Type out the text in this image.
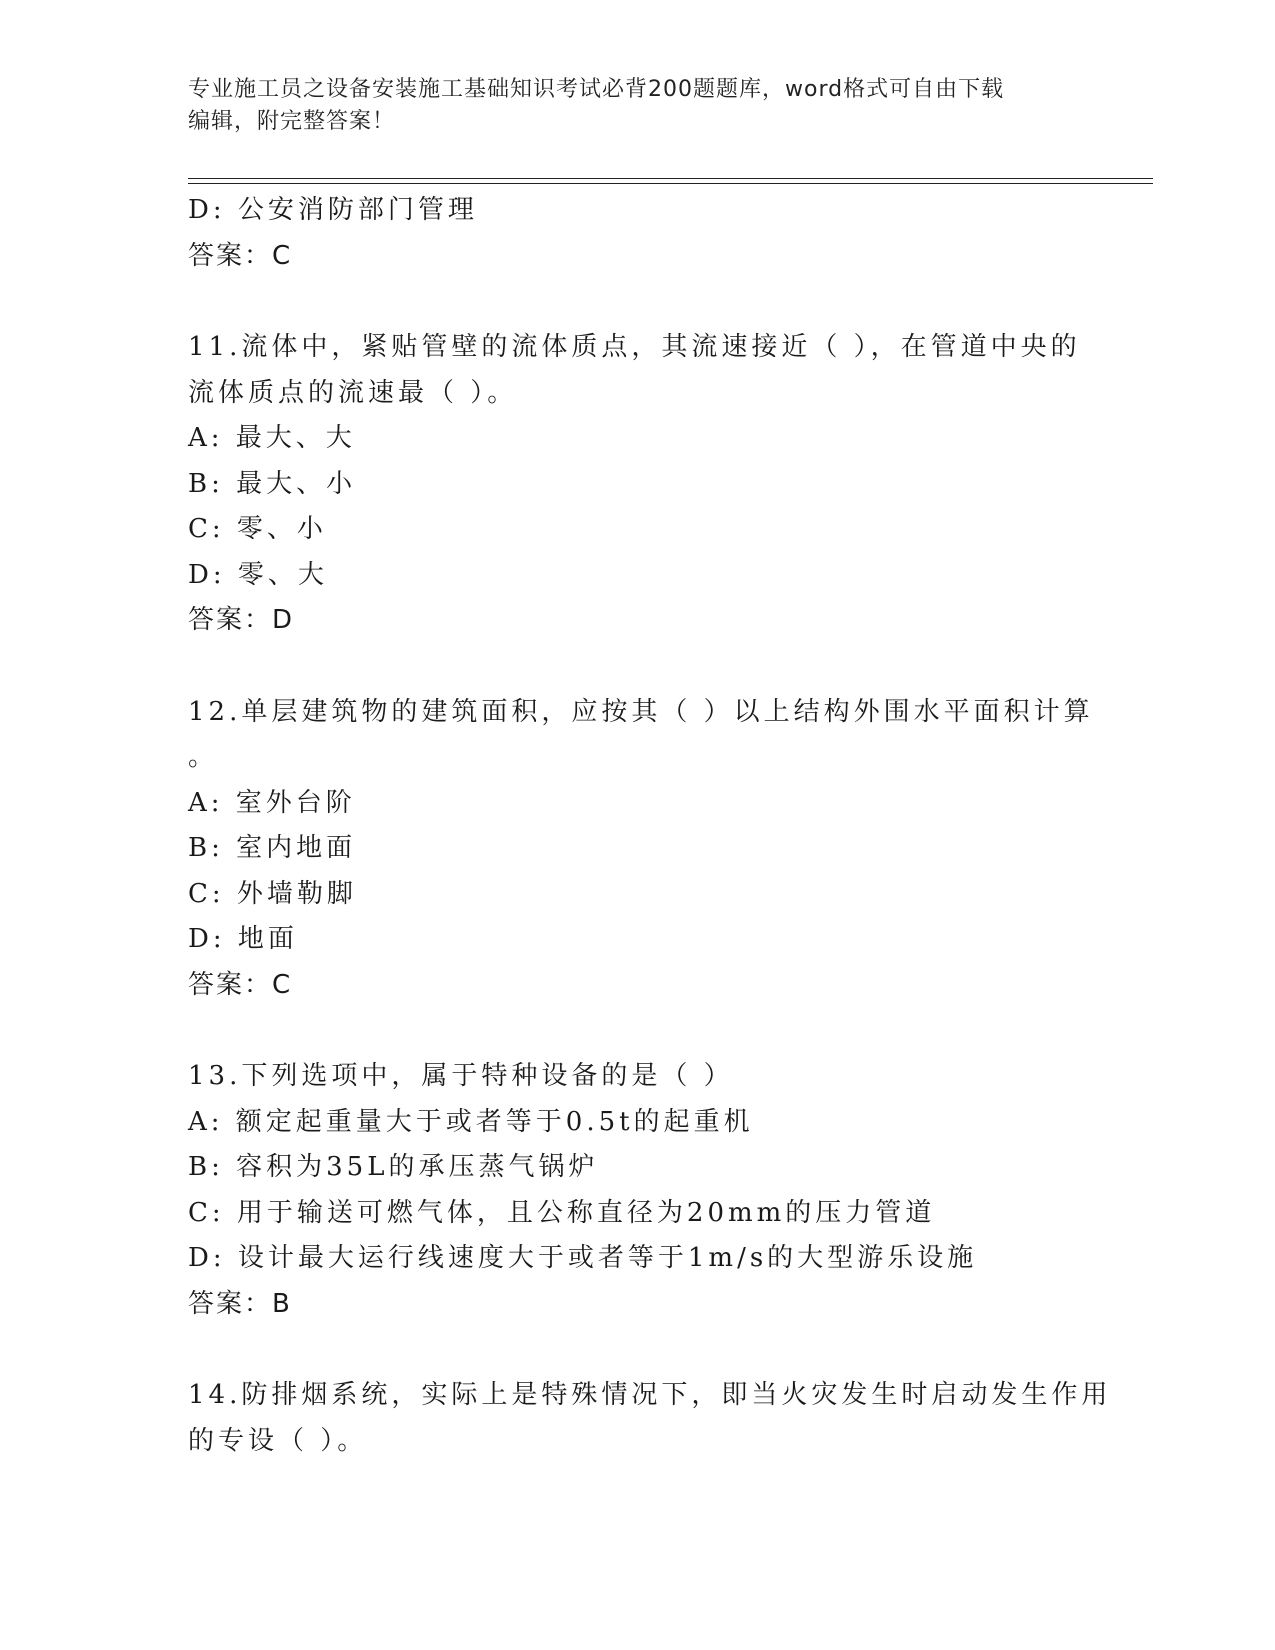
专业施工员之设备安装施工基础知识考试必背200题题库，word格式可自由下载
编辑，附完整答案！
D: 公安消防部门管理
答案：C
11.流体中，紧贴管壁的流体质点，其流速接近（ ），在管道中央的
流体质点的流速最（ ）。
A: 最大、大
B: 最大、小
C: 零、小
D: 零、大
答案：D
12.单层建筑物的建筑面积，应按其（ ）以上结构外围水平面积计算
。
A: 室外台阶
B: 室内地面
C: 外墙勒脚
D: 地面
答案：C
13.下列选项中，属于特种设备的是（ ）
A: 额定起重量大于或者等于0.5t的起重机
B: 容积为35L的承压蒸气锅炉
C: 用于输送可燃气体，且公称直径为20mm的压力管道
D: 设计最大运行线速度大于或者等于1m/s的大型游乐设施
答案：B
14.防排烟系统，实际上是特殊情况下，即当火灾发生时启动发生作用
的专设（ ）。
